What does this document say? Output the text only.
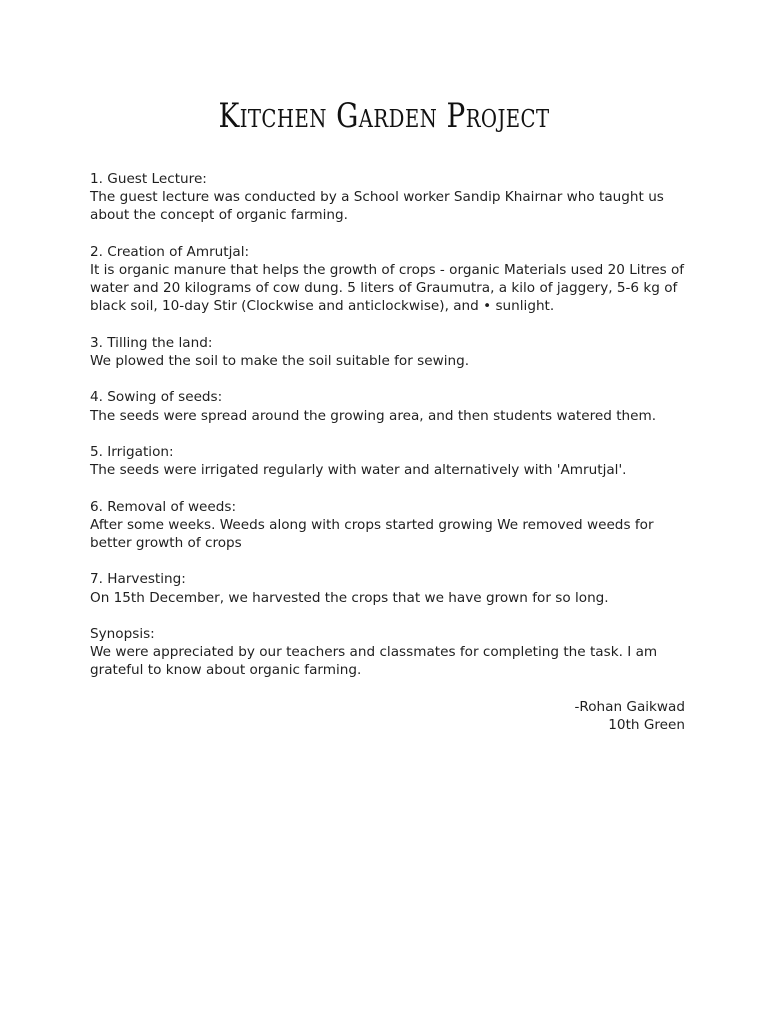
Kitchen Garden Project
1. Guest Lecture:
The guest lecture was conducted by a School worker Sandip Khairnar who taught us about the concept of organic farming.
2. Creation of Amrutjal:
It is organic manure that helps the growth of crops - organic Materials used 20 Litres of water and 20 kilograms of cow dung. 5 liters of Graumutra, a kilo of jaggery, 5-6 kg of black soil, 10-day Stir (Clockwise and anticlockwise), and • sunlight.
3. Tilling the land:
We plowed the soil to make the soil suitable for sewing.
4. Sowing of seeds:
The seeds were spread around the growing area, and then students watered them.
5. Irrigation:
The seeds were irrigated regularly with water and alternatively with 'Amrutjal'.
6. Removal of weeds:
After some weeks. Weeds along with crops started growing We removed weeds for better growth of crops
7. Harvesting:
On 15th December, we harvested the crops that we have grown for so long.
Synopsis:
We were appreciated by our teachers and classmates for completing the task. I am grateful to know about organic farming.
-Rohan Gaikwad
10th Green
